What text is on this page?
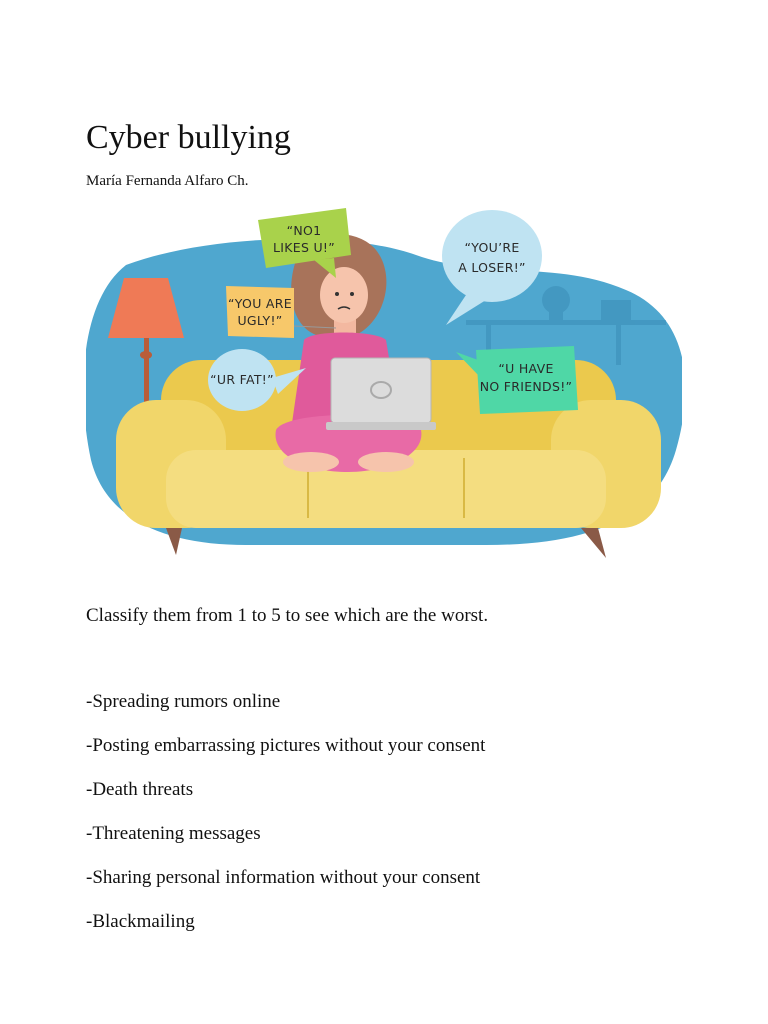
Cyber bullying
María Fernanda Alfaro Ch.
“NO1
LIKES U!”
“YOU ARE
UGLY!”
“UR FAT!”
“YOU’RE
A LOSER!”
“U HAVE
NO FRIENDS!”
Classify them from 1 to 5 to see which are the worst.
-Spreading rumors online
-Posting embarrassing pictures without your consent
-Death threats
-Threatening messages
-Sharing personal information without your consent
-Blackmailing
